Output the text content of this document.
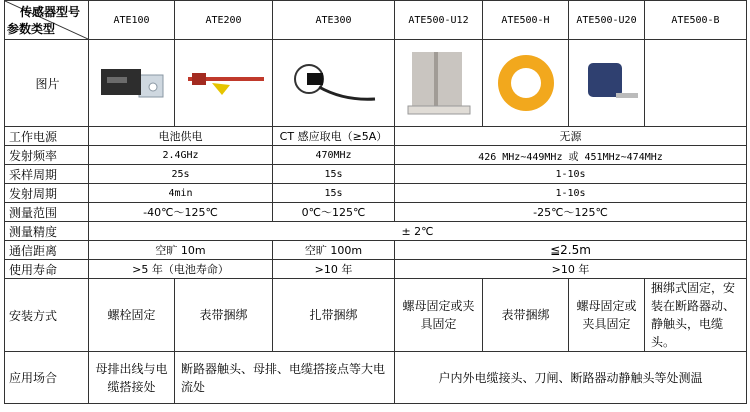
传感器型号
参数类型	ATE100	ATE200	ATE300	ATE500-U12	ATE500-H	ATE500-U20	ATE500-B
图片	

工作电源	电池供电		CT 感应取电（≥5A）	无源			
发射频率	2.4GHz		470MHz	426 MHz~449MHz 或 451MHz~474MHz			
采样周期	25s		15s	1-10s			
发射周期	4min		15s	1-10s			
测量范围	-40℃～125℃		0℃～125℃	-25℃～125℃			
测量精度	± 2℃						
通信距离	空旷 10m		空旷 100m	≦2.5m			
使用寿命	>5 年（电池寿命）		>10 年	>10 年			
安装方式	螺栓固定	表带捆绑	扎带捆绑	螺母固定或夹具固定	表带捆绑	螺母固定或夹具固定	捆绑式固定，安装在断路器动、静触头，电缆头。
应用场合	母排出线与电缆搭接处	断路器触头、母排、电缆搭接点等大电流处		户内外电缆接头、刀闸、断路器动静触头等处测温			
